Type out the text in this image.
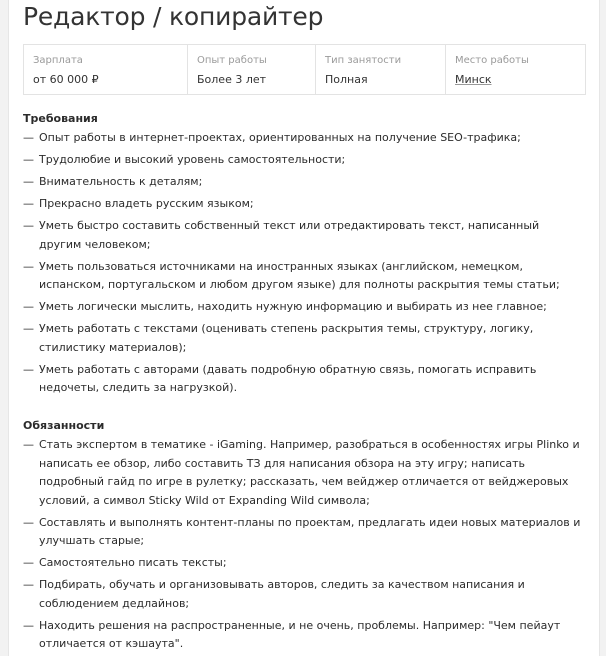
Редактор / копирайтер
Зарплата
от 60 000 ₽
Опыт работы
Более 3 лет
Тип занятости
Полная
Место работы
Минск
Требования
— Опыт работы в интернет-проектах, ориентированных на получение SEO-трафика;
— Трудолюбие и высокий уровень самостоятельности;
— Внимательность к деталям;
— Прекрасно владеть русским языком;
— Уметь быстро составить собственный текст или отредактировать текст, написанный другим человеком;
— Уметь пользоваться источниками на иностранных языках (английском, немецком, испанском, португальском и любом другом языке) для полноты раскрытия темы статьи;
— Уметь логически мыслить, находить нужную информацию и выбирать из нее главное;
— Уметь работать с текстами (оценивать степень раскрытия темы, структуру, логику, стилистику материалов);
— Уметь работать с авторами (давать подробную обратную связь, помогать исправить недочеты, следить за нагрузкой).
Обязанности
— Стать экспертом в тематике - iGaming. Например, разобраться в особенностях игры Plinko и написать ее обзор, либо составить ТЗ для написания обзора на эту игру; написать подробный гайд по игре в рулетку; рассказать, чем вейджер отличается от вейджеровых условий, а символ Sticky Wild от Expanding Wild символа;
— Составлять и выполнять контент-планы по проектам, предлагать идеи новых материалов и улучшать старые;
— Самостоятельно писать тексты;
— Подбирать, обучать и организовывать авторов, следить за качеством написания и соблюдением дедлайнов;
— Находить решения на распространенные, и не очень, проблемы. Например: "Чем пейаут отличается от кэшаута".
